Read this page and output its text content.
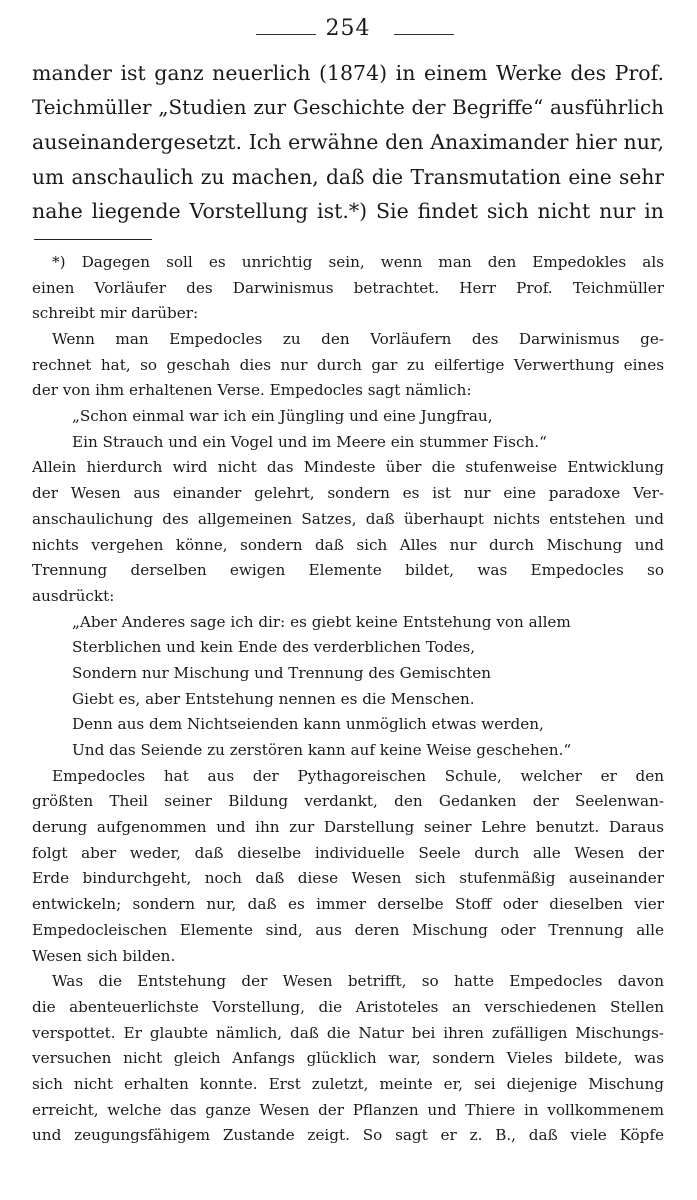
254
mander ist ganz neuerlich (1874) in einem Werke des Prof.
Teichmüller „Studien zur Geschichte der Begriffe“ ausführlich
auseinandergesetzt. Ich erwähne den Anaximander hier nur,
um anschaulich zu machen, daß die Transmutation eine sehr
nahe liegende Vorstellung ist.*) Sie findet sich nicht nur in
*) Dagegen soll es unrichtig sein, wenn man den Empedokles als
einen Vorläufer des Darwinismus betrachtet. Herr Prof. Teichmüller
schreibt mir darüber:
Wenn man Empedocles zu den Vorläufern des Darwinismus ge-
rechnet hat, so geschah dies nur durch gar zu eilfertige Verwerthung eines
der von ihm erhaltenen Verse. Empedocles sagt nämlich:
„Schon einmal war ich ein Jüngling und eine Jungfrau,
Ein Strauch und ein Vogel und im Meere ein stummer Fisch.“
Allein hierdurch wird nicht das Mindeste über die stufenweise Entwicklung
der Wesen aus einander gelehrt, sondern es ist nur eine paradoxe Ver-
anschaulichung des allgemeinen Satzes, daß überhaupt nichts entstehen und
nichts vergehen könne, sondern daß sich Alles nur durch Mischung und
Trennung derselben ewigen Elemente bildet, was Empedocles so
ausdrückt:
„Aber Anderes sage ich dir: es giebt keine Entstehung von allem
Sterblichen und kein Ende des verderblichen Todes,
Sondern nur Mischung und Trennung des Gemischten
Giebt es, aber Entstehung nennen es die Menschen.
Denn aus dem Nichtseienden kann unmöglich etwas werden,
Und das Seiende zu zerstören kann auf keine Weise geschehen.“
Empedocles hat aus der Pythagoreischen Schule, welcher er den
größten Theil seiner Bildung verdankt, den Gedanken der Seelenwan-
derung aufgenommen und ihn zur Darstellung seiner Lehre benutzt. Daraus
folgt aber weder, daß dieselbe individuelle Seele durch alle Wesen der
Erde bindurchgeht, noch daß diese Wesen sich stufenmäßig auseinander
entwickeln; sondern nur, daß es immer derselbe Stoff oder dieselben vier
Empedocleischen Elemente sind, aus deren Mischung oder Trennung alle
Wesen sich bilden.
Was die Entstehung der Wesen betrifft, so hatte Empedocles davon
die abenteuerlichste Vorstellung, die Aristoteles an verschiedenen Stellen
verspottet. Er glaubte nämlich, daß die Natur bei ihren zufälligen Mischungs-
versuchen nicht gleich Anfangs glücklich war, sondern Vieles bildete, was
sich nicht erhalten konnte. Erst zuletzt, meinte er, sei diejenige Mischung
erreicht, welche das ganze Wesen der Pflanzen und Thiere in vollkommenem
und zeugungsfähigem Zustande zeigt. So sagt er z. B., daß viele Köpfe
